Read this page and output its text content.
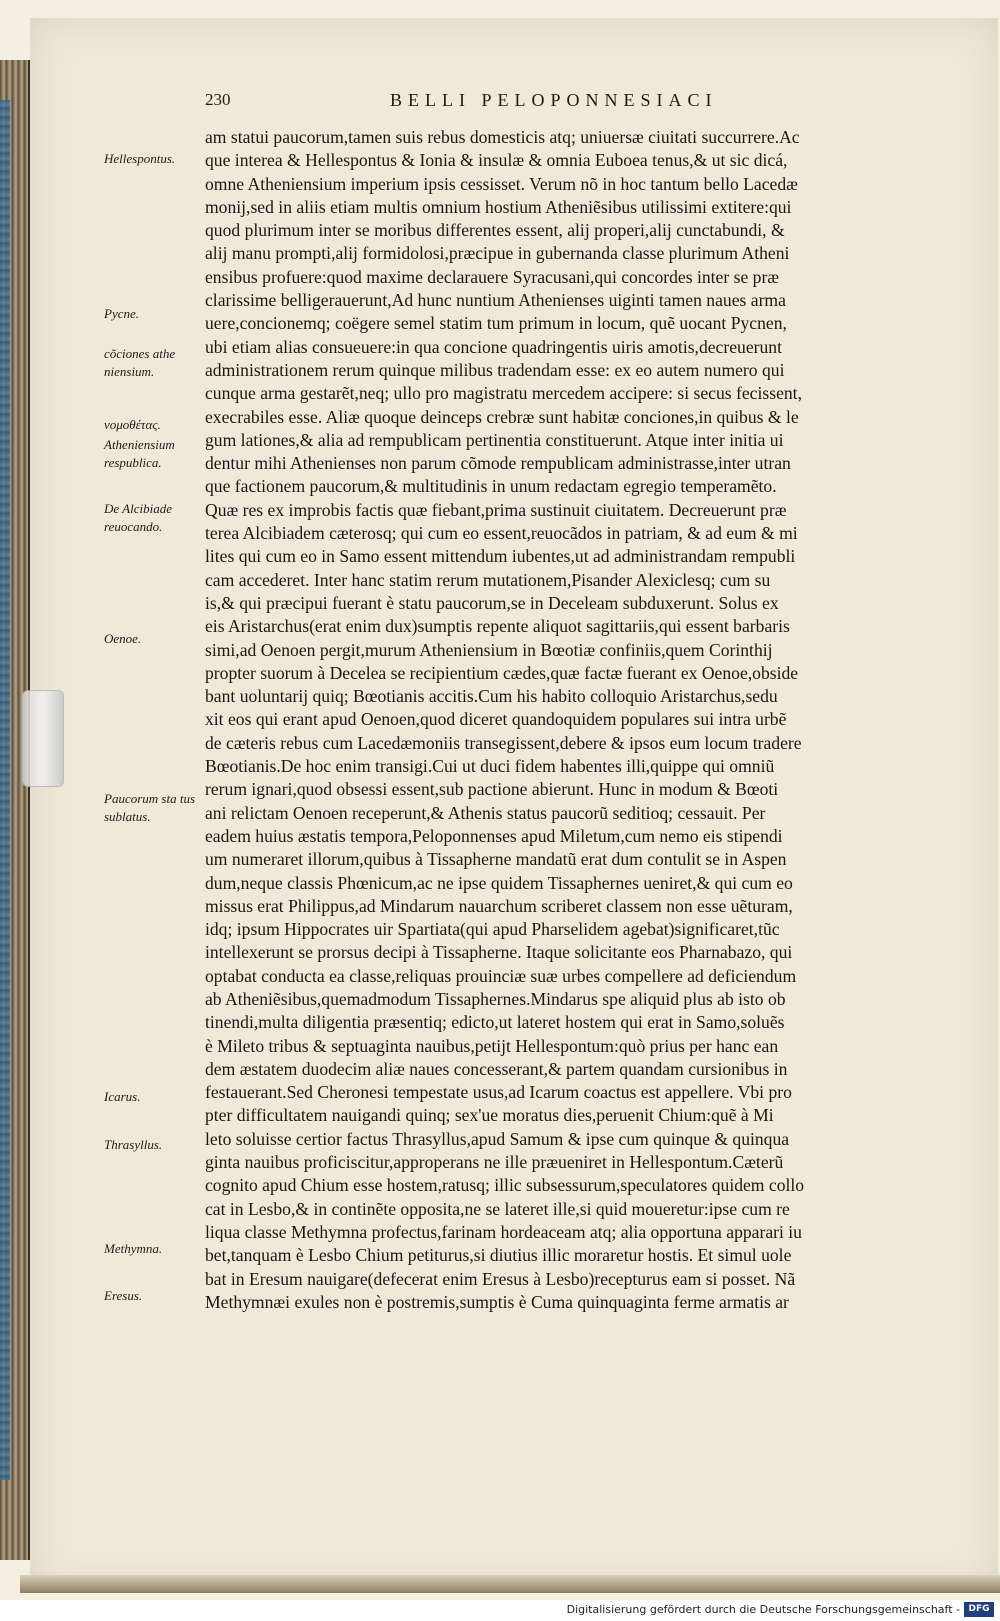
230	BELLI PELOPONNESIACI
Hellespontus.
Pycne.
cõciones athe niensium.
νομοθέτας.
Atheniensium respublica.
De Alcibiade reuocando.
Oenoe.
Paucorum sta tus sublatus.
Icarus.
Thrasyllus.
Methymna.
Eresus.
am statui paucorum,tamen suis rebus domesticis atq; uniuersæ ciuitati succurrere.Ac
que interea & Hellespontus & Ionia & insulæ & omnia Euboea tenus,& ut sic dicá,
omne Atheniensium imperium ipsis cessisset. Verum nõ in hoc tantum bello Lacedæ
monij,sed in aliis etiam multis omnium hostium Atheniẽsibus utilissimi extitere:qui
quod plurimum inter se moribus differentes essent, alij properi,alij cunctabundi, &
alij manu prompti,alij formidolosi,præcipue in gubernanda classe plurimum Atheni
ensibus profuere:quod maxime declarauere Syracusani,qui concordes inter se præ
clarissime belligerauerunt,Ad hunc nuntium Athenienses uiginti tamen naues arma
uere,concionemq; coëgere semel statim tum primum in locum, quẽ uocant Pycnen,
ubi etiam alias consueuere:in qua concione quadringentis uiris amotis,decreuerunt
administrationem rerum quinque milibus tradendam esse: ex eo autem numero qui
cunque arma gestarẽt,neq; ullo pro magistratu mercedem accipere: si secus fecissent,
execrabiles esse. Aliæ quoque deinceps crebræ sunt habitæ conciones,in quibus & le
gum lationes,& alia ad rempublicam pertinentia constituerunt. Atque inter initia ui
dentur mihi Athenienses non parum cõmode rempublicam administrasse,inter utran
que factionem paucorum,& multitudinis in unum redactam egregio temperamẽto.
Quæ res ex improbis factis quæ fiebant,prima sustinuit ciuitatem. Decreuerunt præ
terea Alcibiadem cæterosq; qui cum eo essent,reuocãdos in patriam, & ad eum & mi
lites qui cum eo in Samo essent mittendum iubentes,ut ad administrandam rempubli
cam accederet. Inter hanc statim rerum mutationem,Pisander Alexiclesq; cum su
is,& qui præcipui fuerant è statu paucorum,se in Deceleam subduxerunt. Solus ex
eis Aristarchus(erat enim dux)sumptis repente aliquot sagittariis,qui essent barbaris
simi,ad Oenoen pergit,murum Atheniensium in Bœotiæ confiniis,quem Corinthij
propter suorum à Decelea se recipientium cædes,quæ factæ fuerant ex Oenoe,obside
bant uoluntarij quiq; Bœotianis accitis.Cum his habito colloquio Aristarchus,sedu
xit eos qui erant apud Oenoen,quod diceret quandoquidem populares sui intra urbẽ
de cæteris rebus cum Lacedæmoniis transegissent,debere & ipsos eum locum tradere
Bœotianis.De hoc enim transigi.Cui ut duci fidem habentes illi,quippe qui omniũ
rerum ignari,quod obsessi essent,sub pactione abierunt. Hunc in modum & Bœoti
ani relictam Oenoen receperunt,& Athenis status paucorũ seditioq; cessauit. Per
eadem huius æstatis tempora,Peloponnenses apud Miletum,cum nemo eis stipendi
um numeraret illorum,quibus à Tissapherne mandatũ erat dum contulit se in Aspen
dum,neque classis Phœnicum,ac ne ipse quidem Tissaphernes ueniret,& qui cum eo
missus erat Philippus,ad Mindarum nauarchum scriberet classem non esse uẽturam,
idq; ipsum Hippocrates uir Spartiata(qui apud Pharselidem agebat)significaret,tũc
intellexerunt se prorsus decipi à Tissapherne. Itaque solicitante eos Pharnabazo, qui
optabat conducta ea classe,reliquas prouinciæ suæ urbes compellere ad deficiendum
ab Atheniẽsibus,quemadmodum Tissaphernes.Mindarus spe aliquid plus ab isto ob
tinendi,multa diligentia præsentiq; edicto,ut lateret hostem qui erat in Samo,soluẽs
è Mileto tribus & septuaginta nauibus,petijt Hellespontum:quò prius per hanc ean
dem æstatem duodecim aliæ naues concesserant,& partem quandam cursionibus in
festauerant.Sed Cheronesi tempestate usus,ad Icarum coactus est appellere. Vbi pro
pter difficultatem nauigandi quinq; sex'ue moratus dies,peruenit Chium:quẽ à Mi
leto soluisse certior factus Thrasyllus,apud Samum & ipse cum quinque & quinqua
ginta nauibus proficiscitur,approperans ne ille præueniret in Hellespontum.Cæterũ
cognito apud Chium esse hostem,ratusq; illic subsessurum,speculatores quidem collo
cat in Lesbo,& in continẽte opposita,ne se lateret ille,si quid moueretur:ipse cum re
liqua classe Methymna profectus,farinam hordeaceam atq; alia opportuna apparari iu
bet,tanquam è Lesbo Chium petiturus,si diutius illic moraretur hostis. Et simul uole
bat in Eresum nauigare(defecerat enim Eresus à Lesbo)recepturus eam si posset. Nã
Methymnæi exules non è postremis,sumptis è Cuma quinquaginta ferme armatis ar
Digitalisierung gefördert durch die Deutsche Forschungsgemeinschaft - DFG
